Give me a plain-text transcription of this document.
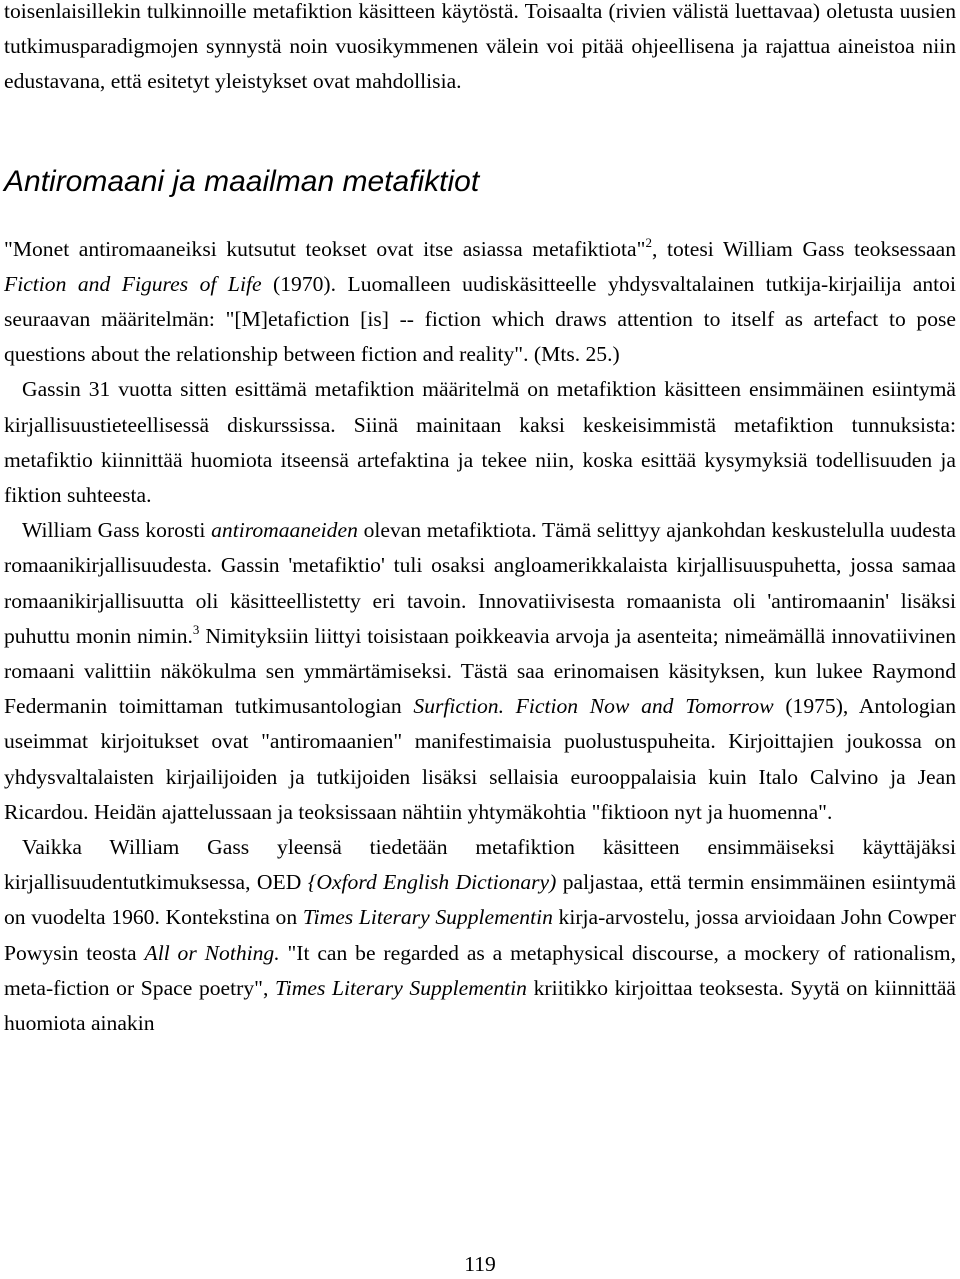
toisenlaisillekin tulkinnoille metafiktion käsitteen käytöstä. Toisaalta (rivien välistä luettavaa) oletusta uusien tutkimusparadigmojen synnystä noin vuosikymmenen välein voi pitää ohjeellisena ja rajattua aineistoa niin edustavana, että esitetyt yleistykset ovat mahdollisia.

Antiromaani ja maailman metafiktiot

"Monet antiromaaneiksi kutsutut teokset ovat itse asiassa metafiktiota"$^2$, totesi William Gass teoksessaan Fiction and Figures of Life (1970). Luomalleen uudiskäsitteelle yhdysvaltalainen tutkija-kirjailija antoi seuraavan määritelmän: "[M]etafiction [is] -- fiction which draws attention to itself as artefact to pose questions about the relationship between fiction and reality". (Mts. 25.)

Gassin 31 vuotta sitten esittämä metafiktion määritelmä on metafiktion käsitteen ensimmäinen esiintymä kirjallisuustieteellisessä diskurssissa. Siinä mainitaan kaksi keskeisimmistä metafiktion tunnuksista: metafiktio kiinnittää huomiota itseensä artefaktina ja tekee niin, koska esittää kysymyksiä todellisuuden ja fiktion suhteesta.

William Gass korosti antiromaaneiden olevan metafiktiota. Tämä selittyy ajankohdan keskustelulla uudesta romaanikirjallisuudesta. Gassin 'metafiktio' tuli osaksi angloamerikkalaista kirjallisuuspuhetta, jossa samaa romaanikirjallisuutta oli käsitteellistetty eri tavoin. Innovatiivisesta romaanista oli 'antiromaanin' lisäksi puhuttu monin nimin.$^3$ Nimityksiin liittyi toisistaan poikkeavia arvoja ja asenteita; nimeämällä innovatiivinen romaani valittiin näkökulma sen ymmärtämiseksi. Tästä saa erinomaisen käsityksen, kun lukee Raymond Federmanin toimittaman tutkimusantologian Surfiction. Fiction Now and Tomorrow (1975), Antologian useimmat kirjoitukset ovat "antiromaanien" manifestimaisia puolustuspuheita. Kirjoittajien joukossa on yhdysvaltalaisten kirjailijoiden ja tutkijoiden lisäksi sellaisia eurooppalaisia kuin Italo Calvino ja Jean Ricardou. Heidän ajattelussaan ja teoksissaan nähtiin yhtymäkohtia "fiktioon nyt ja huomenna".

Vaikka William Gass yleensä tiedetään metafiktion käsitteen ensimmäiseksi käyttäjäksi kirjallisuudentutkimuksessa, OED {Oxford English Dictionary) paljastaa, että termin ensimmäinen esiintymä on vuodelta 1960. Kontekstina on Times Literary Supplementin kirja-arvostelu, jossa arvioidaan John Cowper Powysin teosta All or Nothing. "It can be regarded as a metaphysical discourse, a mockery of rationalism, meta-fiction or Space poetry", Times Literary Supplementin kriitikko kirjoittaa teoksesta. Syytä on kiinnittää huomiota ainakin

119
